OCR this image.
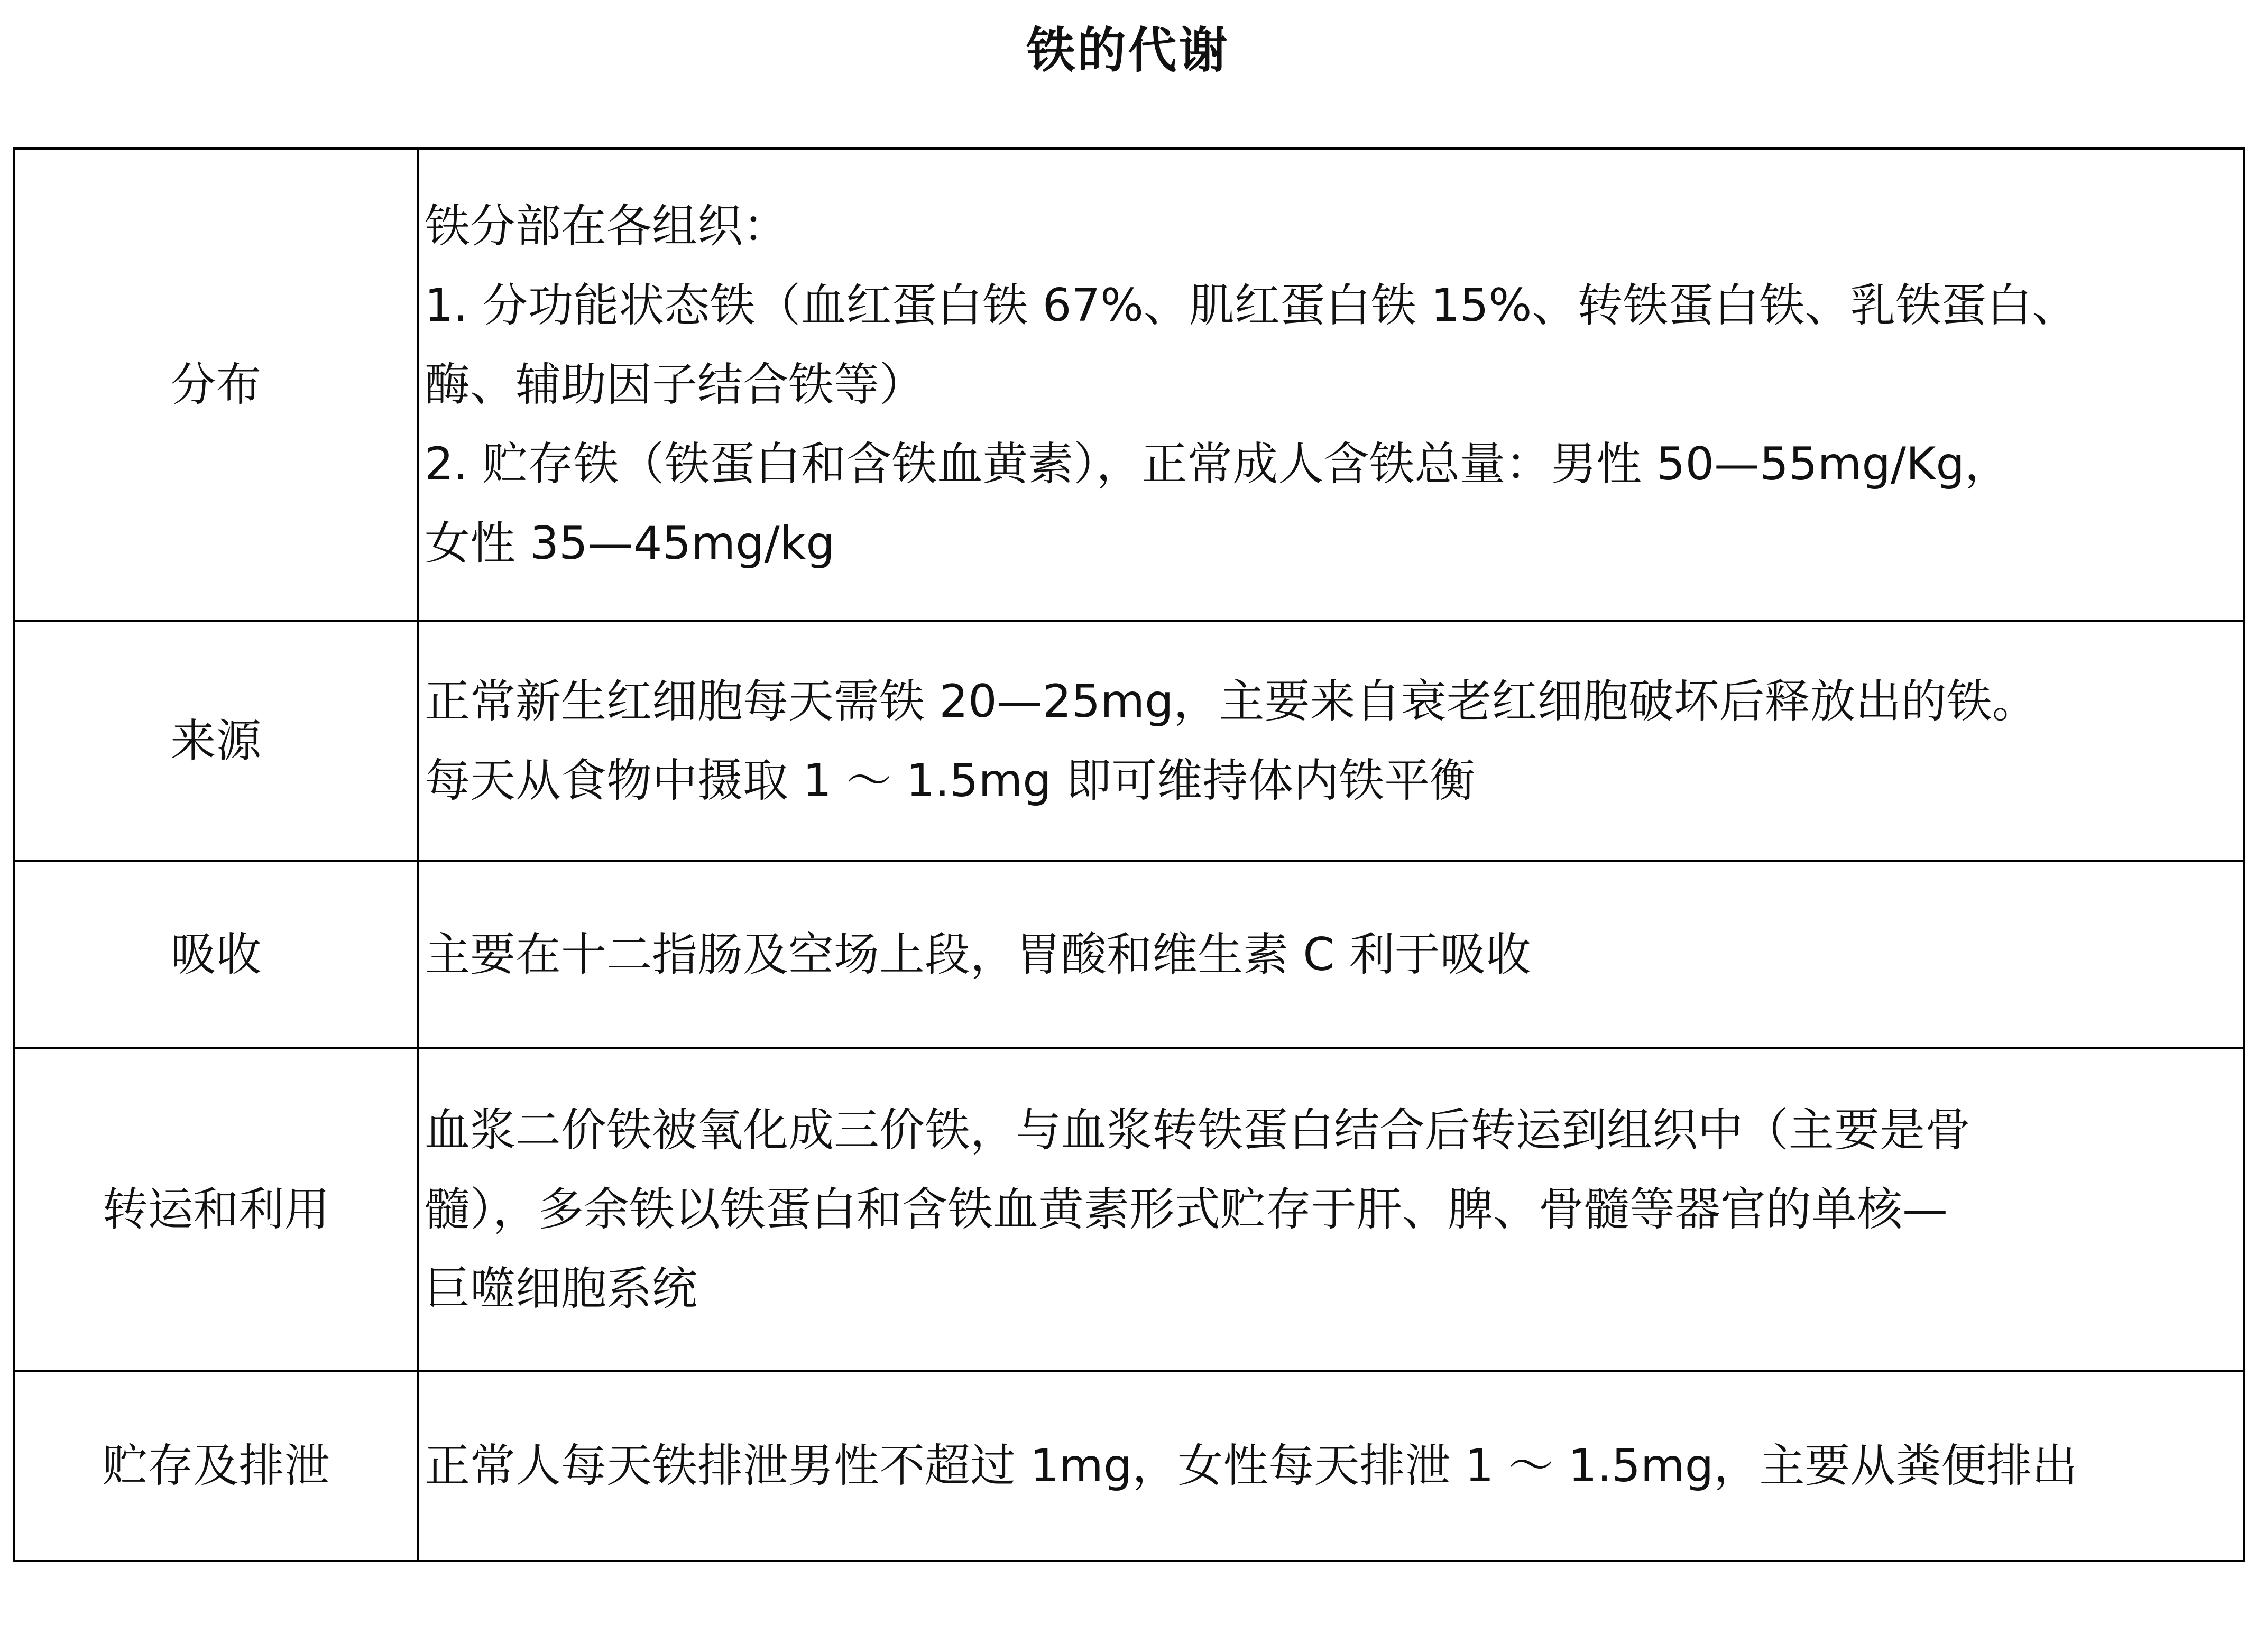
铁的代谢
分布	铁分部在各组织：
1. 分功能状态铁（血红蛋白铁 67%、肌红蛋白铁 15%、转铁蛋白铁、乳铁蛋白、
酶、辅助因子结合铁等）
2. 贮存铁（铁蛋白和含铁血黄素），正常成人含铁总量：男性 50—55mg/Kg，
女性 35—45mg/kg

来源	正常新生红细胞每天需铁 20—25mg，主要来自衰老红细胞破坏后释放出的铁。
每天从食物中摄取 1 ～ 1.5mg 即可维持体内铁平衡

吸收	主要在十二指肠及空场上段，胃酸和维生素 C 利于吸收

转运和利用	血浆二价铁被氧化成三价铁，与血浆转铁蛋白结合后转运到组织中（主要是骨
髓），多余铁以铁蛋白和含铁血黄素形式贮存于肝、脾、骨髓等器官的单核—
巨噬细胞系统

贮存及排泄	正常人每天铁排泄男性不超过 1mg，女性每天排泄 1 ～ 1.5mg，主要从粪便排出
